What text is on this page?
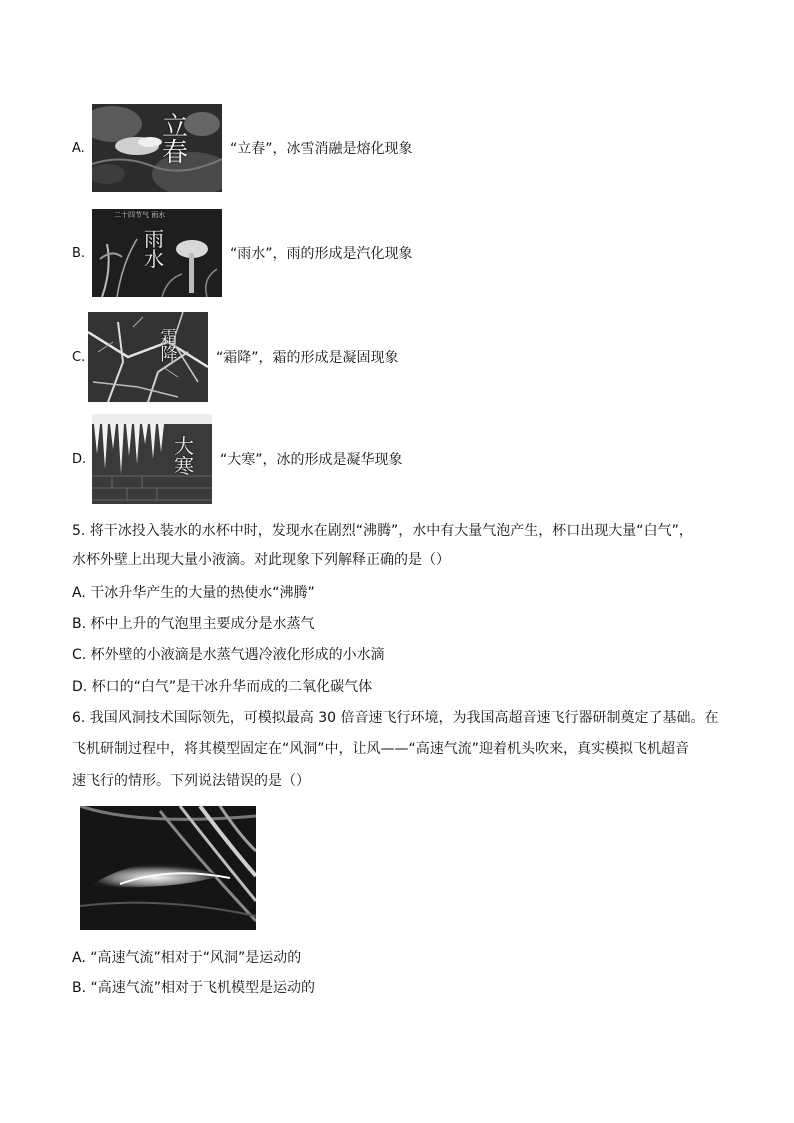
A.
立春	“立春”，冰雪消融是熔化现象
B.
二十四节气 雨水
雨水	“雨水”，雨的形成是汽化现象
C.
霜降	“霜降”，霜的形成是凝固现象
D.
大寒 “大寒”，冰的形成是凝华现象
5. 将干冰投入装水的水杯中时，发现水在剧烈“沸腾”，水中有大量气泡产生，杯口出现大量“白气”，
水杯外壁上出现大量小液滴。对此现象下列解释正确的是（）
A. 干冰升华产生的大量的热使水“沸腾”
B. 杯中上升的气泡里主要成分是水蒸气
C. 杯外壁的小液滴是水蒸气遇冷液化形成的小水滴
D. 杯口的“白气”是干冰升华而成的二氧化碳气体
6. 我国风洞技术国际领先，可模拟最高 30 倍音速飞行环境，为我国高超音速飞行器研制奠定了基础。在
飞机研制过程中，将其模型固定在“风洞”中，让风——“高速气流”迎着机头吹来，真实模拟飞机超音
速飞行的情形。下列说法错误的是（）
A. “高速气流”相对于“风洞”是运动的
B. “高速气流”相对于飞机模型是运动的
